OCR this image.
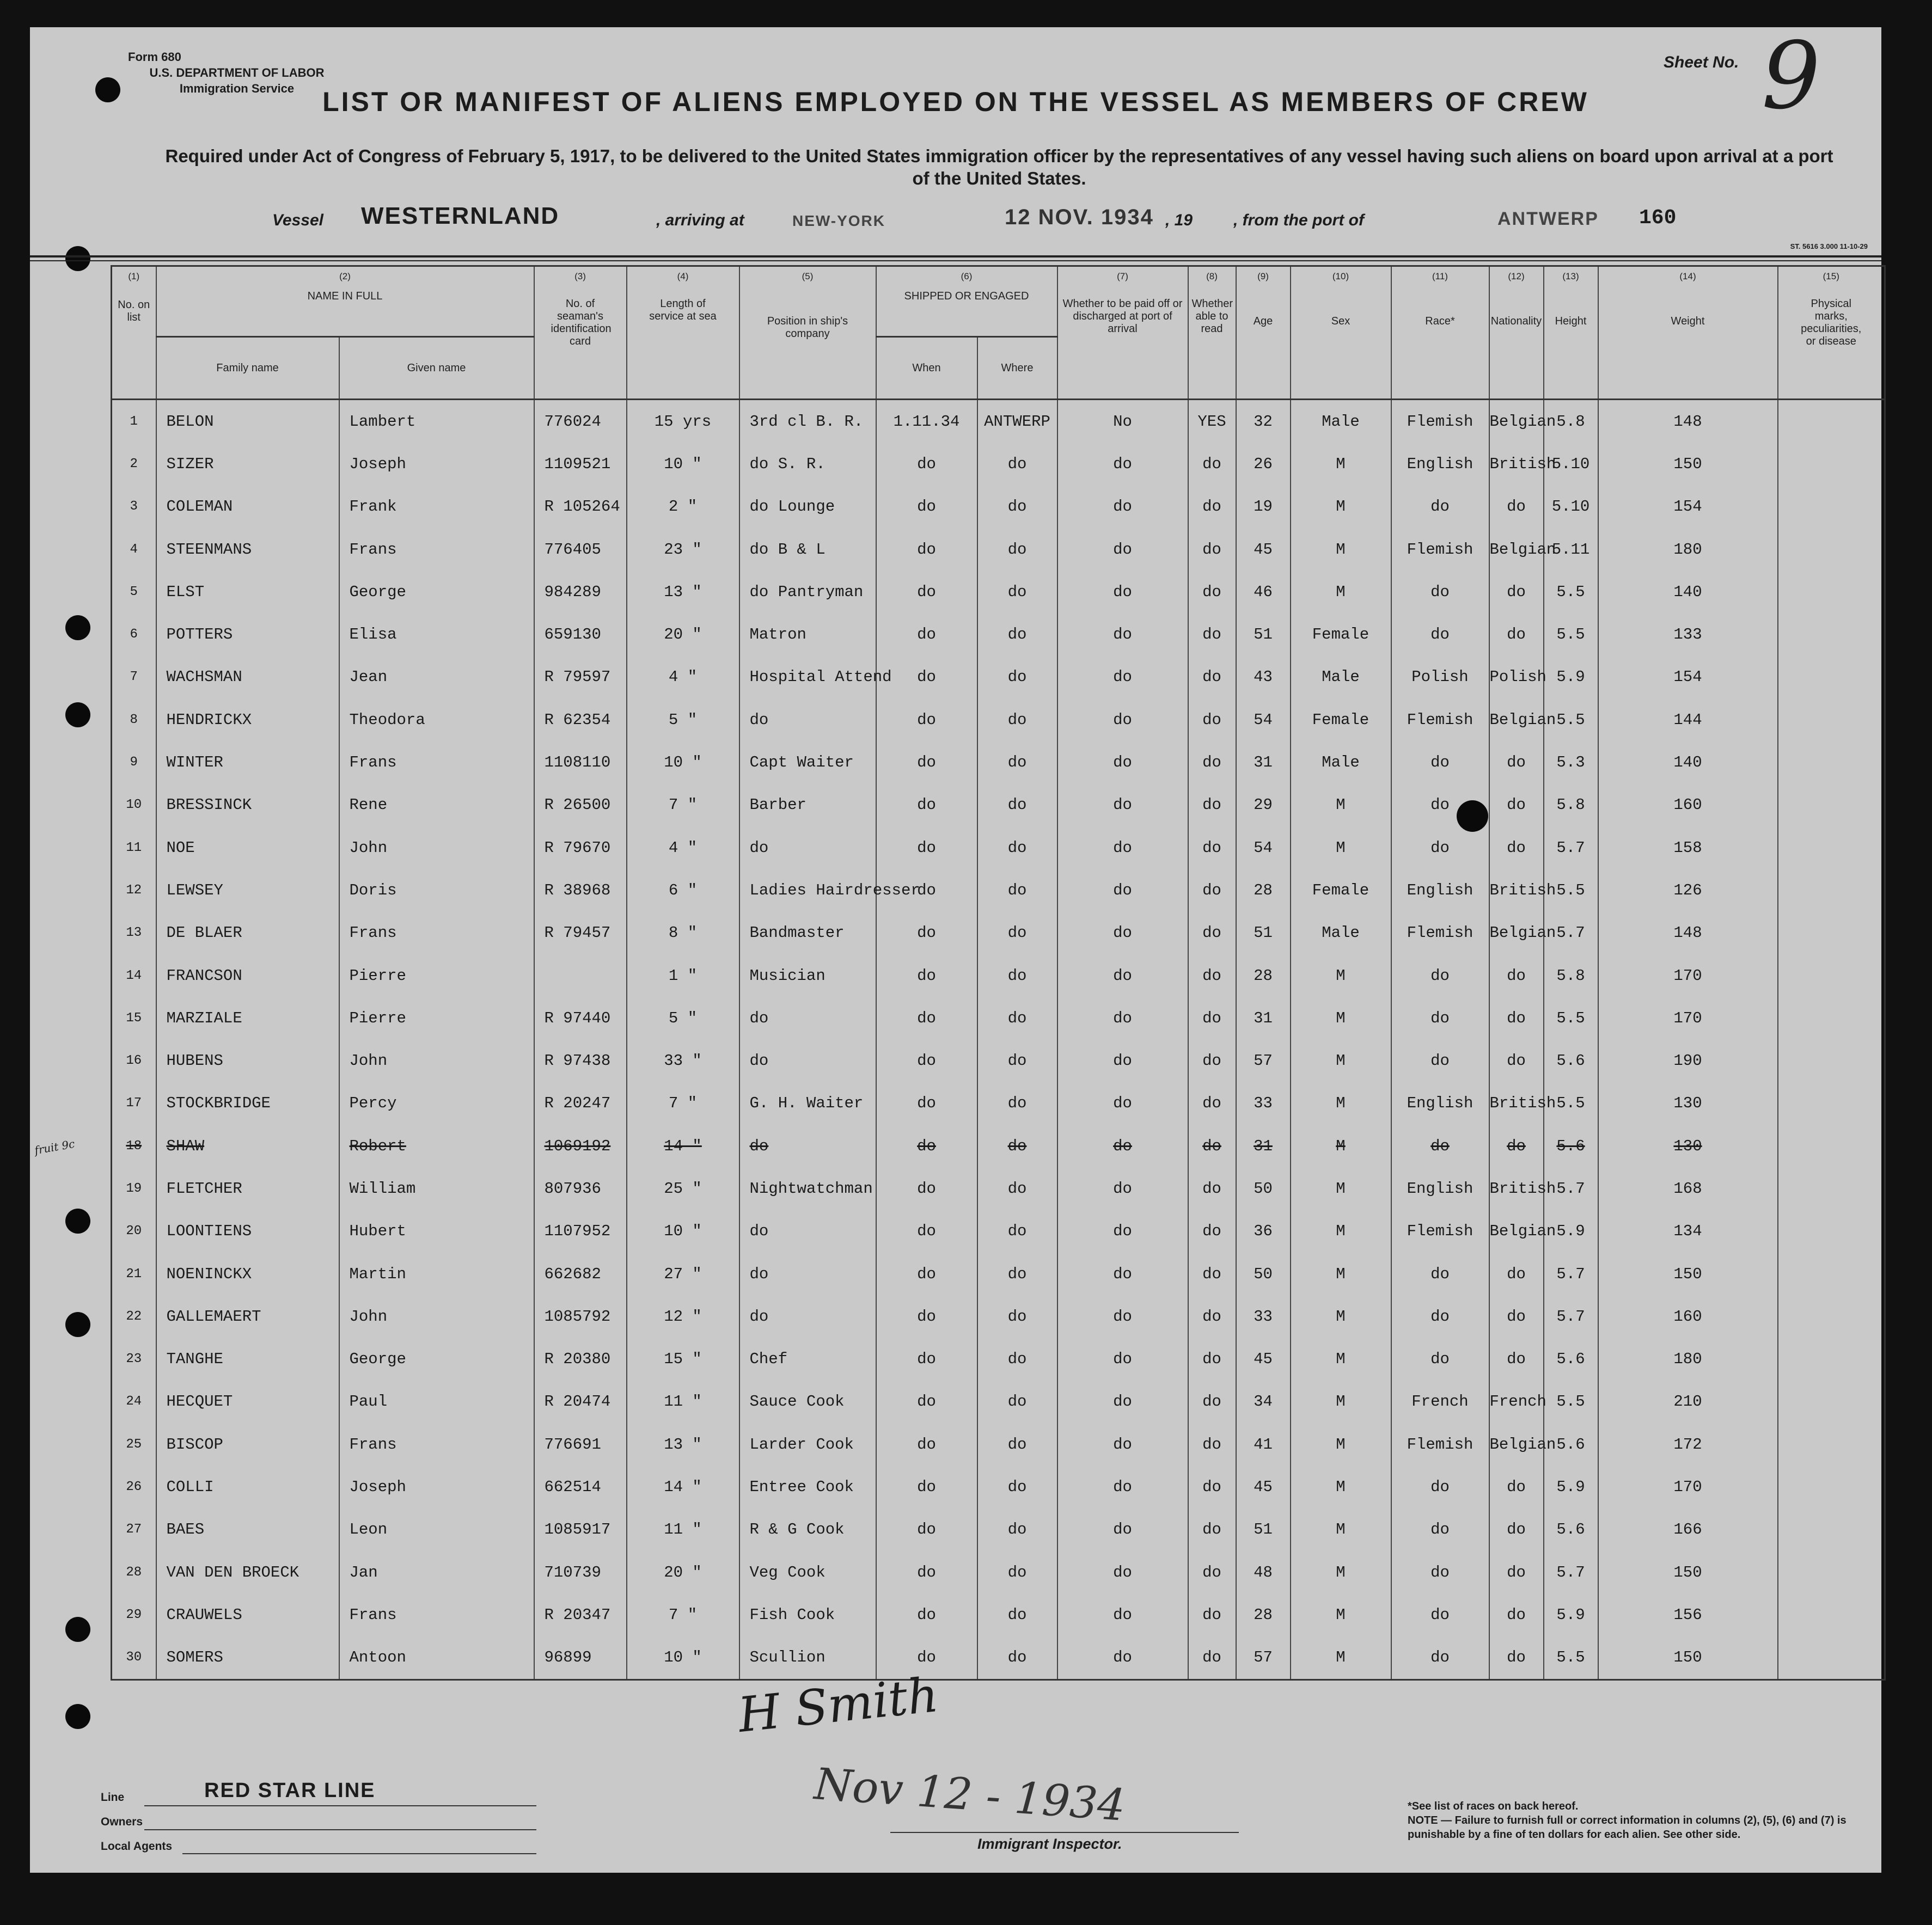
Form 680
U.S. DEPARTMENT OF LABOR
Immigration Service
Sheet No. 9
LIST OR MANIFEST OF ALIENS EMPLOYED ON THE VESSEL AS MEMBERS OF CREW
Required under Act of Congress of February 5, 1917, to be delivered to the United States immigration officer by the representatives of any vessel having such aliens on board upon arrival at a port of the United States.
Vessel WESTERNLAND	, arriving at	NEW-YORK	12 NOV. 1934 , 19 , from the port of	ANTWERP 160
ST. 5616 3.000 11-10-29
fruit 9c
(1)
No. on list	(2)
NAME IN FULL		(3)
No. of seaman's identification card	(4)
Length of service at sea	(5)
Position in ship's company	(6)
SHIPPED OR ENGAGED		(7)
Whether to be paid off or discharged at port of arrival	(8)
Whether able to read	(9)
Age	(10)
Sex	(11)
Race*	(12)
Nationality	(13)
Height	(14)
Weight	(15)
Physical marks, peculiarities, or disease

	Family name	Given name				When	Where									
1	BELON	Lambert	776024	15 yrs	3rd cl B. R.	1.11.34	ANTWERP	No	YES	32	Male	Flemish	Belgian	5.8	148	
2	SIZER	Joseph	1109521	10 "	do S. R.	do	do	do	do	26	M	English	British	5.10	150	
3	COLEMAN	Frank	R 105264	2 "	do Lounge	do	do	do	do	19	M	do	do	5.10	154	
4	STEENMANS	Frans	776405	23 "	do B & L	do	do	do	do	45	M	Flemish	Belgian	5.11	180	
5	ELST	George	984289	13 "	do Pantryman	do	do	do	do	46	M	do	do	5.5	140	
6	POTTERS	Elisa	659130	20 "	Matron	do	do	do	do	51	Female	do	do	5.5	133	
7	WACHSMAN	Jean	R 79597	4 "	Hospital Attend	do	do	do	do	43	Male	Polish	Polish	5.9	154	
8	HENDRICKX	Theodora	R 62354	5 "	do	do	do	do	do	54	Female	Flemish	Belgian	5.5	144	
9	WINTER	Frans	1108110	10 "	Capt Waiter	do	do	do	do	31	Male	do	do	5.3	140	
10	BRESSINCK	Rene	R 26500	7 "	Barber	do	do	do	do	29	M	do	do	5.8	160	
11	NOE	John	R 79670	4 "	do	do	do	do	do	54	M	do	do	5.7	158	
12	LEWSEY	Doris	R 38968	6 "	Ladies Hairdresser	do	do	do	do	28	Female	English	British	5.5	126	
13	DE BLAER	Frans	R 79457	8 "	Bandmaster	do	do	do	do	51	Male	Flemish	Belgian	5.7	148	
14	FRANCSON	Pierre		1 "	Musician	do	do	do	do	28	M	do	do	5.8	170	
15	MARZIALE	Pierre	R 97440	5 "	do	do	do	do	do	31	M	do	do	5.5	170	
16	HUBENS	John	R 97438	33 "	do	do	do	do	do	57	M	do	do	5.6	190	
17	STOCKBRIDGE	Percy	R 20247	7 "	G. H. Waiter	do	do	do	do	33	M	English	British	5.5	130	
18	SHAW	Robert	1069192	14 "	do	do	do	do	do	31	M	do	do	5.6	130	
19	FLETCHER	William	807936	25 "	Nightwatchman	do	do	do	do	50	M	English	British	5.7	168	
20	LOONTIENS	Hubert	1107952	10 "	do	do	do	do	do	36	M	Flemish	Belgian	5.9	134	
21	NOENINCKX	Martin	662682	27 "	do	do	do	do	do	50	M	do	do	5.7	150	
22	GALLEMAERT	John	1085792	12 "	do	do	do	do	do	33	M	do	do	5.7	160	
23	TANGHE	George	R 20380	15 "	Chef	do	do	do	do	45	M	do	do	5.6	180	
24	HECQUET	Paul	R 20474	11 "	Sauce Cook	do	do	do	do	34	M	French	French	5.5	210	
25	BISCOP	Frans	776691	13 "	Larder Cook	do	do	do	do	41	M	Flemish	Belgian	5.6	172	
26	COLLI	Joseph	662514	14 "	Entree Cook	do	do	do	do	45	M	do	do	5.9	170	
27	BAES	Leon	1085917	11 "	R & G Cook	do	do	do	do	51	M	do	do	5.6	166	
28	VAN DEN BROECK	Jan	710739	20 "	Veg Cook	do	do	do	do	48	M	do	do	5.7	150	
29	CRAUWELS	Frans	R 20347	7 "	Fish Cook	do	do	do	do	28	M	do	do	5.9	156	
30	SOMERS	Antoon	96899	10 "	Scullion	do	do	do	do	57	M	do	do	5.5	150	
Line	RED STAR LINE
Owners
Local Agents
H Smith
Nov 12 - 1934
Immigrant Inspector.
*See list of races on back hereof.
NOTE — Failure to furnish full or correct information in columns (2), (5), (6) and (7) is punishable by a fine of ten dollars for each alien. See other side.
